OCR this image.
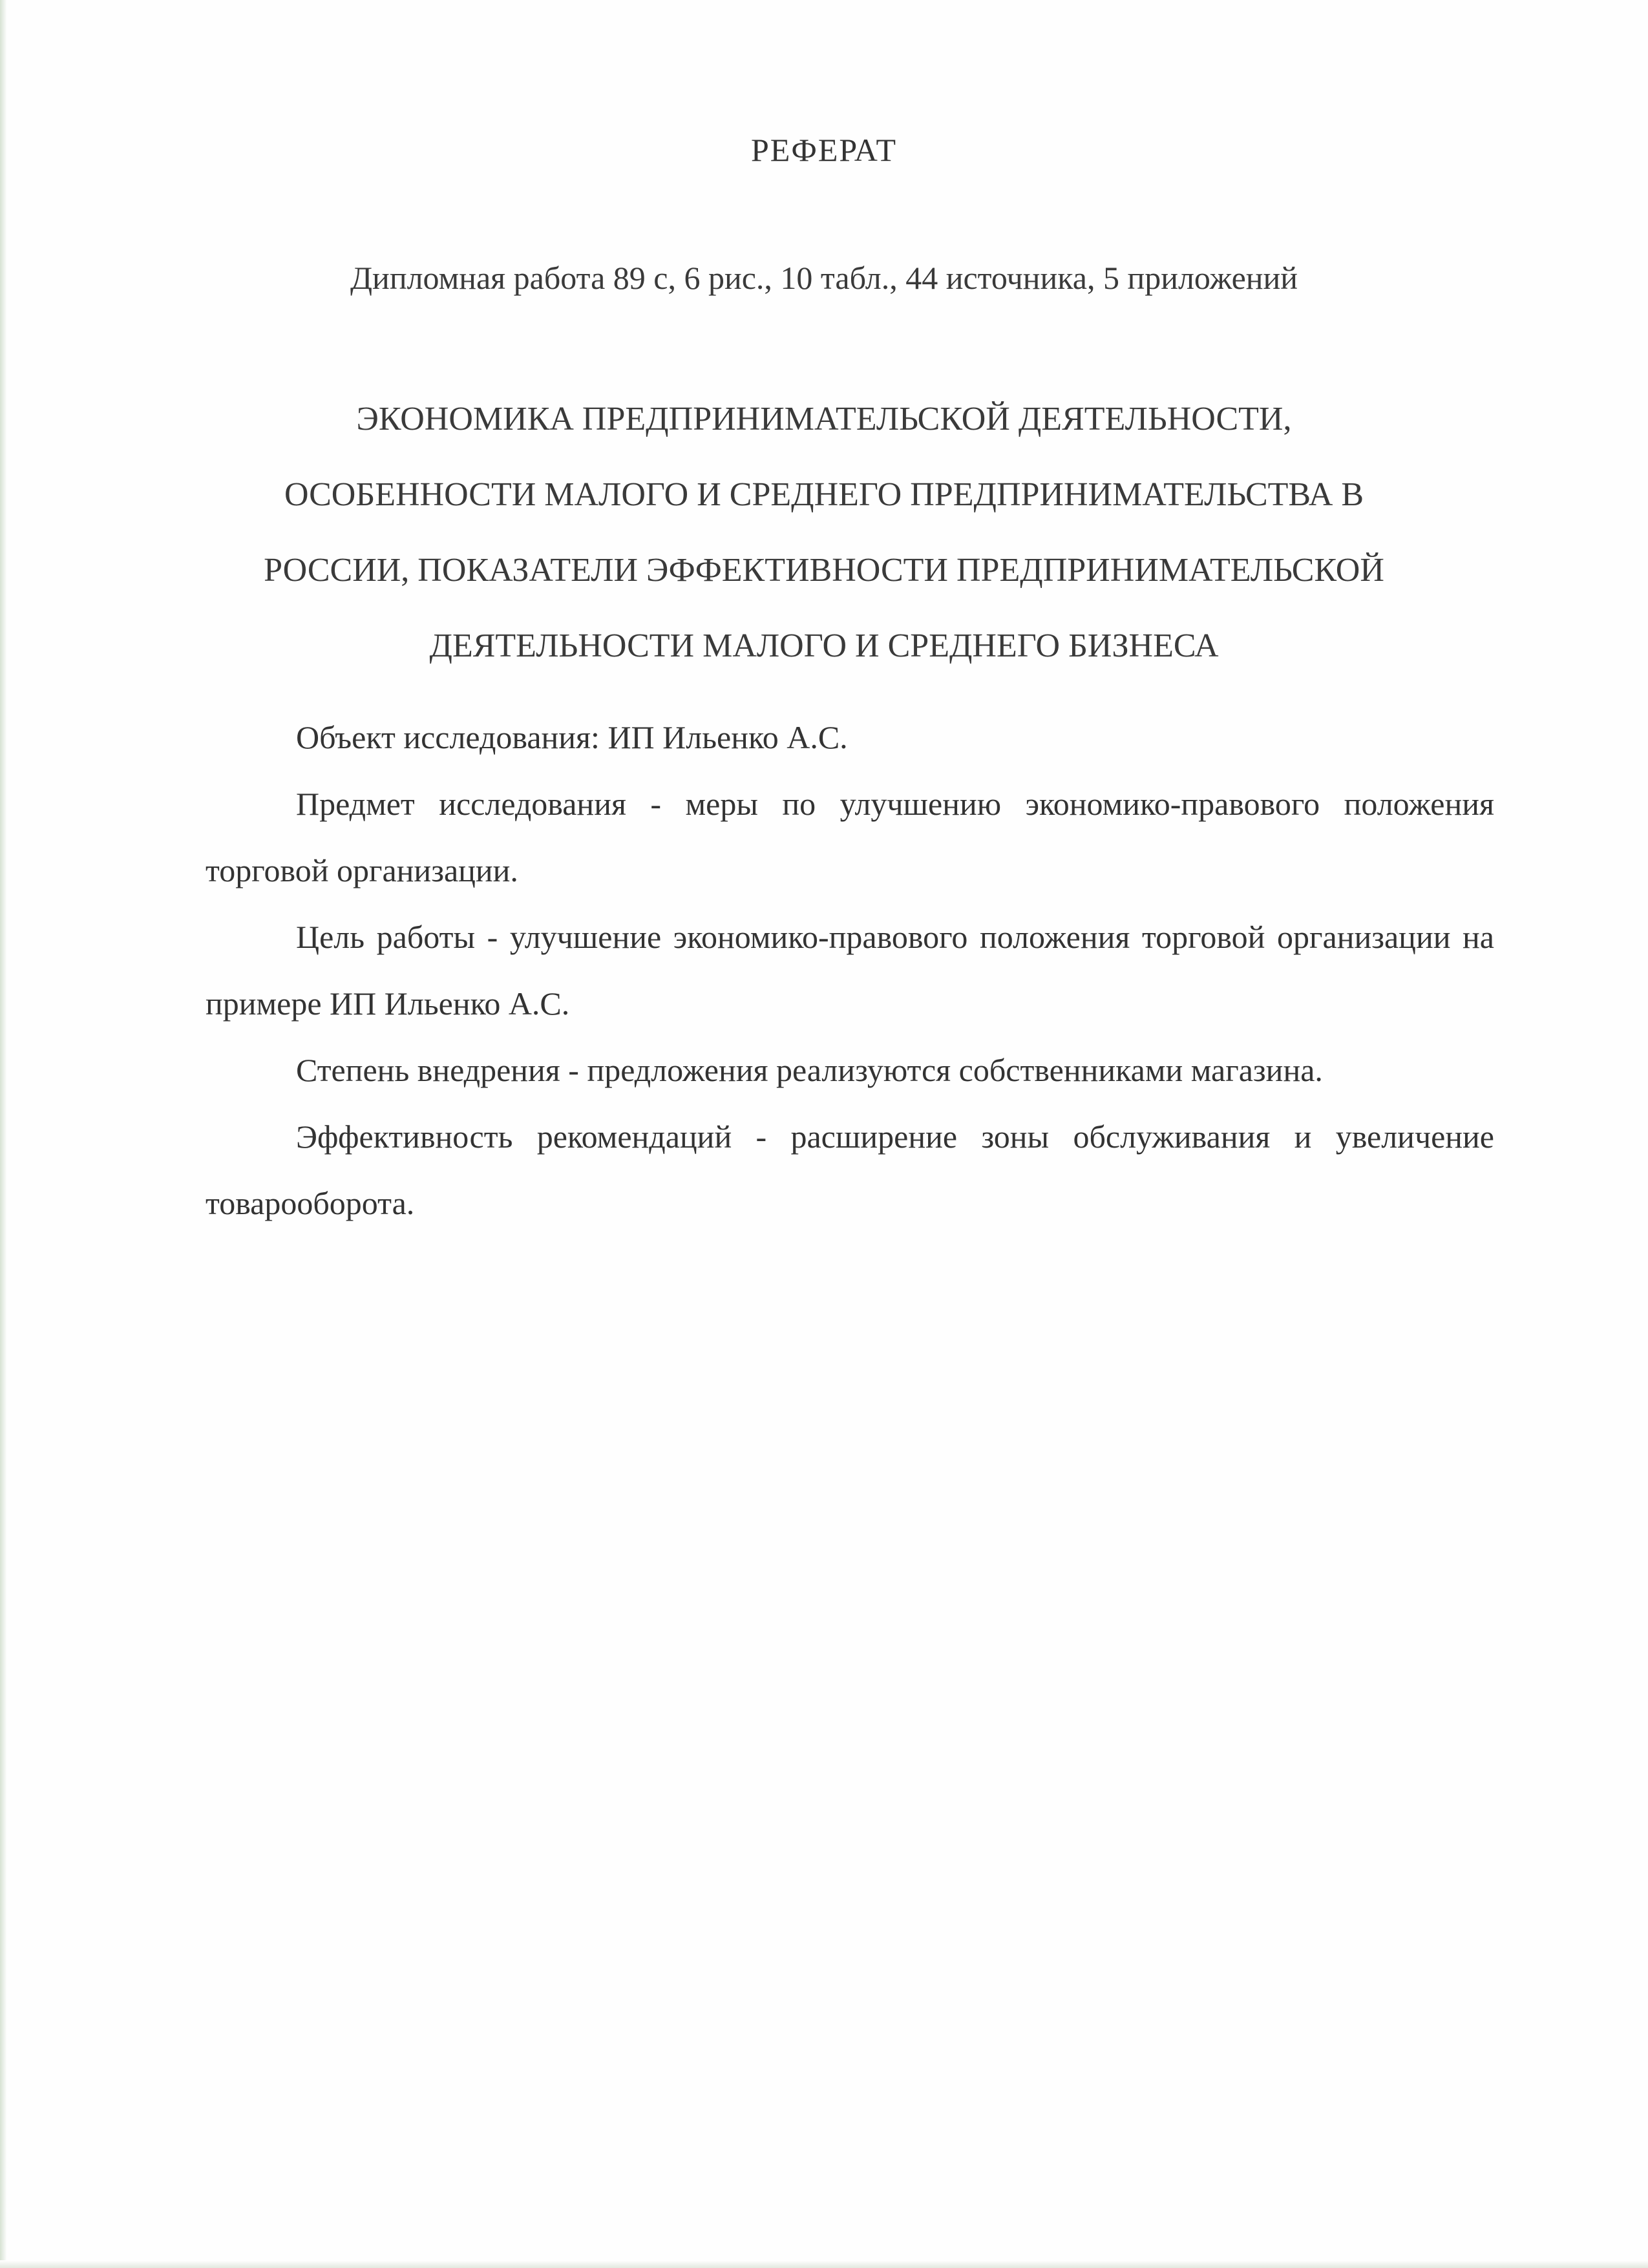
РЕФЕРАТ
Дипломная работа 89 с, 6 рис., 10 табл., 44 источника, 5 приложений
ЭКОНОМИКА ПРЕДПРИНИМАТЕЛЬСКОЙ ДЕЯТЕЛЬНОСТИ,
ОСОБЕННОСТИ МАЛОГО И СРЕДНЕГО ПРЕДПРИНИМАТЕЛЬСТВА В
РОССИИ, ПОКАЗАТЕЛИ ЭФФЕКТИВНОСТИ ПРЕДПРИНИМАТЕЛЬСКОЙ
ДЕЯТЕЛЬНОСТИ МАЛОГО И СРЕДНЕГО БИЗНЕСА

Объект исследования: ИП Ильенко А.С.

Предмет исследования - меры по улучшению экономико-правового положения торговой организации.

Цель работы - улучшение экономико-правового положения торговой организации на примере ИП Ильенко А.С.

Степень внедрения - предложения реализуются собственниками магазина.

Эффективность рекомендаций - расширение зоны обслуживания и увеличение товарооборота.
